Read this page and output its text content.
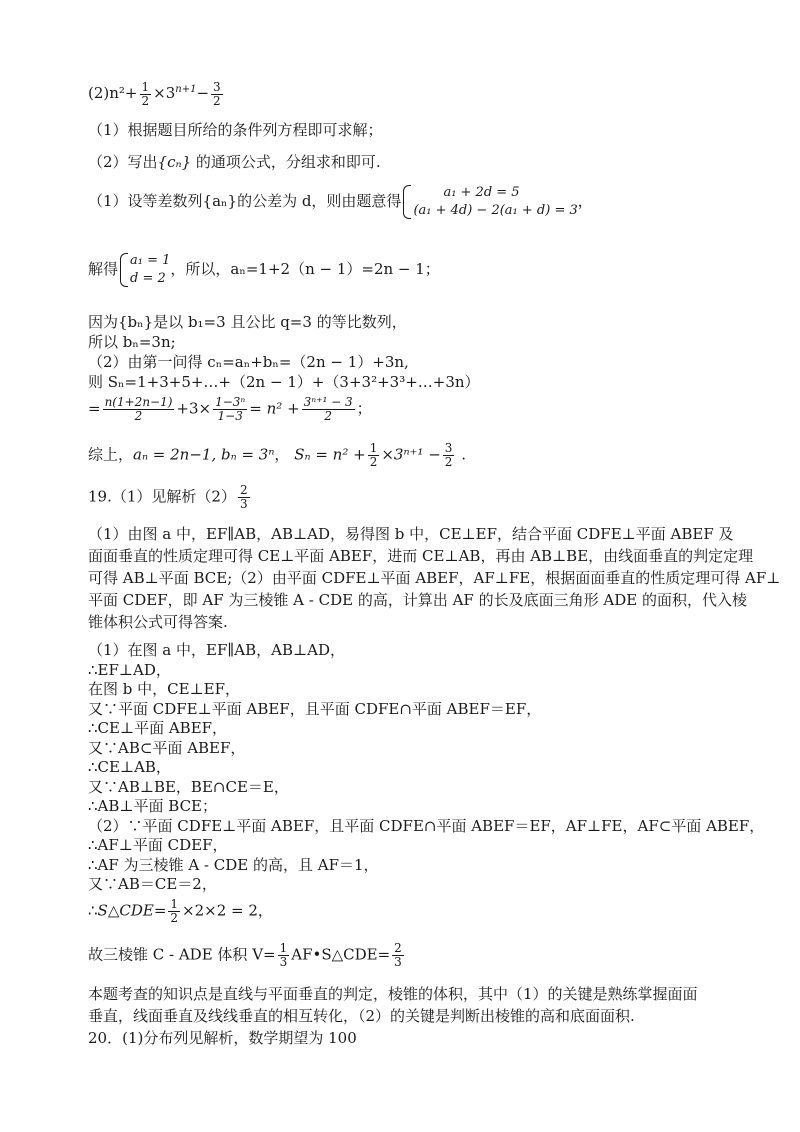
$(2)n^2+ \frac{1}{2} \times 3^{n+1}- \frac{3}{2}$
（1）根据题目所给的条件列方程即可求解；
（2）写出{cₙ} 的通项公式，分组求和即可.
（1）设等差数列{aₙ}的公差为 d，则由题意得	a₁ + 2d = 5
(a₁ + 4d) − 2(a₁ + d) = 3
，
解得 a₁ = 1
d = 2
，所以，aₙ=1+2（n − 1）=2n − 1；
因为{bₙ}是以 b₁=3 且公比 q=3 的等比数列，
所以 bₙ=3n;
（2）由第一问得 cₙ=aₙ+bₙ=（2n − 1）+3n,
则 Sₙ=1+3+5+…+（2n − 1）+（3+3²+3³+…+3n）
= $\frac{n(1+2n-1)}{2} +3\times \frac{\text{1−3ⁿ}}{1-3} = n^2 + \frac{\text{3ⁿ⁺¹ − 3}}{2}$ ；
综上，aₙ = 2n−1, bₙ = 3ⁿ， $S_n = n^2 + \frac{1}{2} \times 3^{n+1} - \frac{3}{2}$ .
19.（1）见解析$(2) \frac{2}{3}$
（1）由图 a 中，EF∥AB，AB⊥AD，易得图 b 中，CE⊥EF，结合平面 CDFE⊥平面 ABEF 及
面面垂直的性质定理可得 CE⊥平面 ABEF，进而 CE⊥AB，再由 AB⊥BE，由线面垂直的判定定理
可得 AB⊥平面 BCE;（2）由平面 CDFE⊥平面 ABEF，AF⊥FE，根据面面垂直的性质定理可得 AF⊥
平面 CDEF，即 AF 为三棱锥 A - CDE 的高，计算出 AF 的长及底面三角形 ADE 的面积，代入棱
锥体积公式可得答案.
（1）在图 a 中，EF∥AB，AB⊥AD，
∴EF⊥AD，
在图 b 中，CE⊥EF，
又∵平面 CDFE⊥平面 ABEF，且平面 CDFE∩平面 ABEF＝EF，
∴CE⊥平面 ABEF，
又∵AB⊂平面 ABEF，
∴CE⊥AB，
又∵AB⊥BE，BE∩CE＝E，
∴AB⊥平面 BCE；
（2）∵平面 CDFE⊥平面 ABEF，且平面 CDFE∩平面 ABEF＝EF，AF⊥FE，AF⊂平面 ABEF，
∴AF⊥平面 CDEF，
∴AF 为三棱锥 A - CDE 的高，且 AF＝1，
又∵AB＝CE＝2，
∴S△CDE= $\frac{1}{2} \times 2\times 2 = 2$，
故三棱锥 C - ADE 体积 $V= \frac{1}{3}$ AF•S△CDE= $\frac{2}{3}$
本题考查的知识点是直线与平面垂直的判定，棱锥的体积，其中（1）的关键是熟练掌握面面
垂直，线面垂直及线线垂直的相互转化，（2）的关键是判断出棱锥的高和底面面积.
20．(1)分布列见解析，数学期望为 100
